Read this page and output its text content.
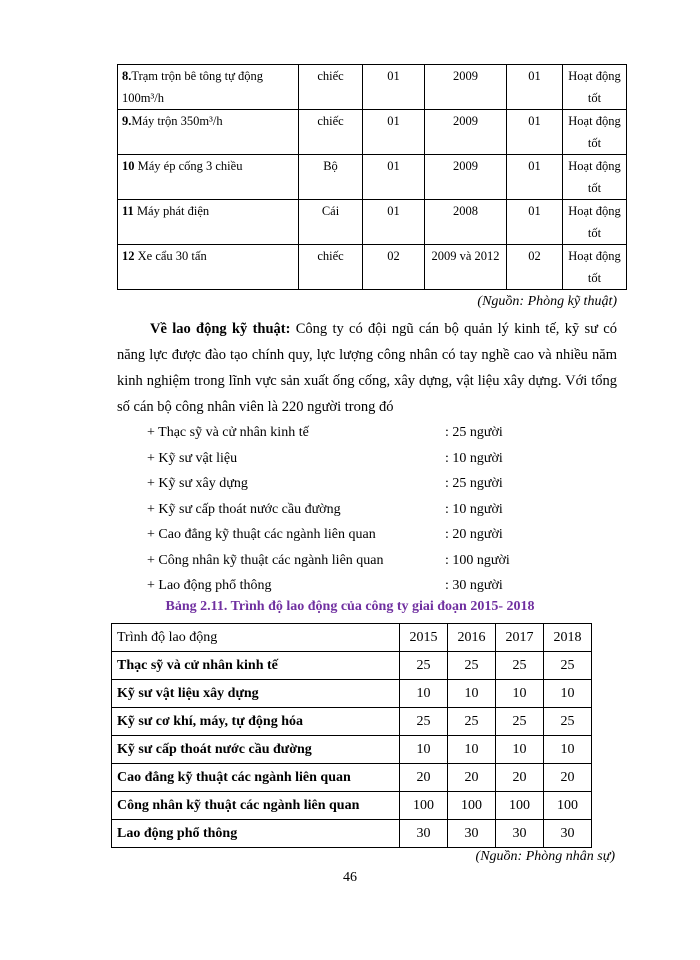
8.Trạm trộn bê tông tự động 100m³/h	chiếc	01	2009	01	Hoạt động tốt
9.Máy trộn 350m³/h	chiếc	01	2009	01	Hoạt động tốt
10 Máy ép cống 3 chiều	Bộ	01	2009	01	Hoạt động tốt
11 Máy phát điện	Cái	01	2008	01	Hoạt động tốt
12 Xe cẩu 30 tấn	chiếc	02	2009 và 2012	02	Hoạt động tốt
(Nguồn: Phòng kỹ thuật)
Về lao động kỹ thuật: Công ty có đội ngũ cán bộ quản lý kinh tế, kỹ sư có năng lực được đào tạo chính quy, lực lượng công nhân có tay nghề cao và nhiều năm kinh nghiệm trong lĩnh vực sản xuất ống cống, xây dựng, vật liệu xây dựng. Với tổng số cán bộ công nhân viên là 220 người trong đó
+ Thạc sỹ và cử nhân kinh tế	: 25 người
+ Kỹ sư vật liệu	: 10 người
+ Kỹ sư xây dựng	: 25 người
+ Kỹ sư cấp thoát nước cầu đường	: 10 người
+ Cao đẳng kỹ thuật các ngành liên quan	: 20 người
+ Công nhân kỹ thuật các ngành liên quan	: 100 người
+ Lao động phổ thông	: 30 người
Bảng 2.11. Trình độ lao động của công ty giai đoạn 2015- 2018
Trình độ lao động	2015	2016	2017	2018
Thạc sỹ và cử nhân kinh tế	25	25	25	25
Kỹ sư vật liệu xây dựng	10	10	10	10
Kỹ sư cơ khí, máy, tự động hóa	25	25	25	25
Kỹ sư cấp thoát nước cầu đường	10	10	10	10
Cao đẳng kỹ thuật các ngành liên quan	20	20	20	20
Công nhân kỹ thuật các ngành liên quan	100	100	100	100
Lao động phổ thông	30	30	30	30
(Nguồn: Phòng nhân sự)
46
